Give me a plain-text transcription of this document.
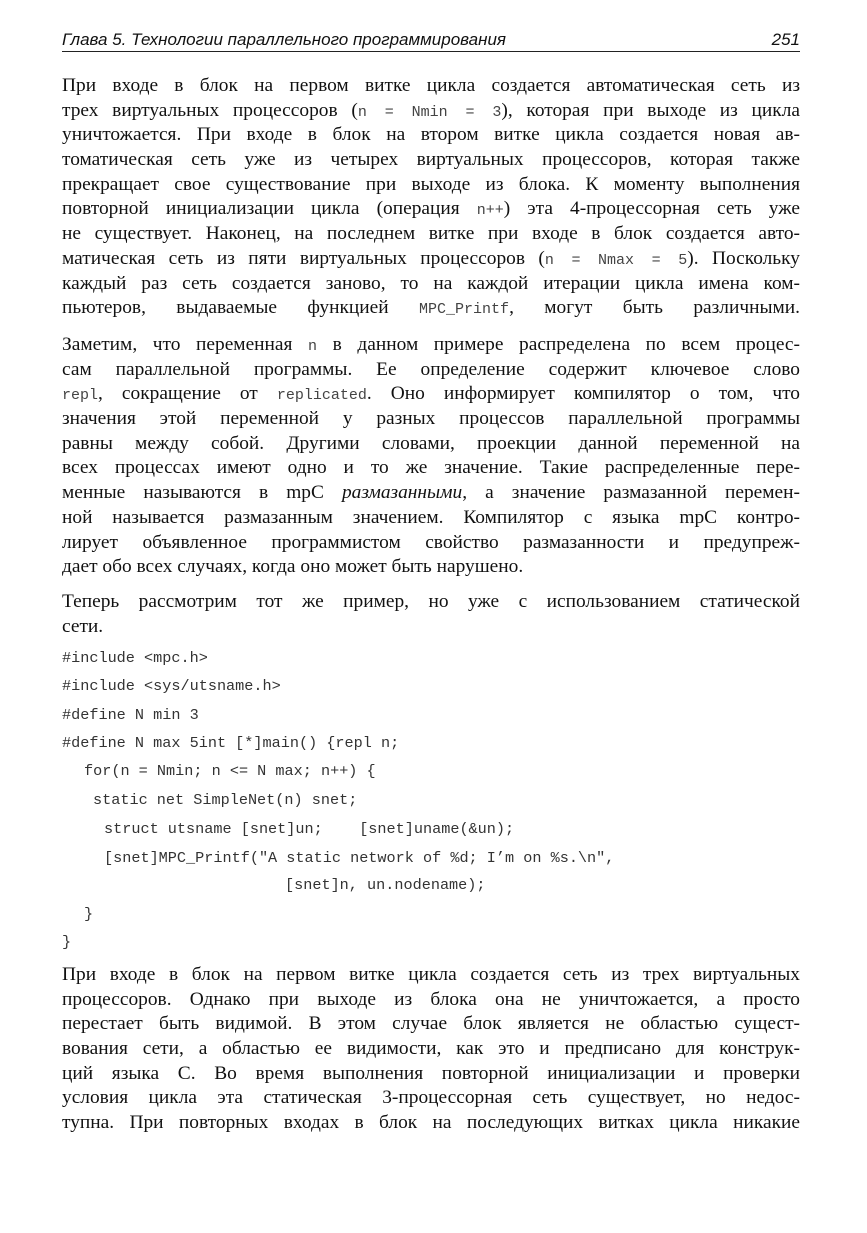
Глава 5. Технологии параллельного программирования	251
При входе в блок на первом витке цикла создается автоматическая сеть из
трех виртуальных процессоров (n = Nmin = 3), которая при выходе из цикла
уничтожается. При входе в блок на втором витке цикла создается новая ав-
томатическая сеть уже из четырех виртуальных процессоров, которая также
прекращает свое существование при выходе из блока. К моменту выполнения
повторной инициализации цикла (операция n++) эта 4-процессорная сеть уже
не существует. Наконец, на последнем витке при входе в блок создается авто-
матическая сеть из пяти виртуальных процессоров (n = Nmax = 5). Поскольку
каждый раз сеть создается заново, то на каждой итерации цикла имена ком-
пьютеров, выдаваемые функцией MPC_Printf, могут быть различными.
Заметим, что переменная n в данном примере распределена по всем процес-
сам параллельной программы. Ее определение содержит ключевое слово
repl, сокращение от replicated. Оно информирует компилятор о том, что
значения этой переменной у разных процессов параллельной программы
равны между собой. Другими словами, проекции данной переменной на
всех процессах имеют одно и то же значение. Такие распределенные пере-
менные называются в mpC размазанными, а значение размазанной перемен-
ной называется размазанным значением. Компилятор с языка mpC контро-
лирует объявленное программистом свойство размазанности и предупреж-
дает обо всех случаях, когда оно может быть нарушено.
Теперь рассмотрим тот же пример, но уже с использованием статической
сети.
#include <mpc.h>
#include <sys/utsname.h>
#define N min 3
#define N max 5int [*]main() {repl n;
for(n = Nmin; n <= N max; n++) {
static net SimpleNet(n) snet;
struct utsname [snet]un;    [snet]uname(&un);
[snet]MPC_Printf("A static network of %d; I’m on %s.\n",
[snet]n, un.nodename);
}
}
При входе в блок на первом витке цикла создается сеть из трех виртуальных
процессоров. Однако при выходе из блока она не уничтожается, а просто
перестает быть видимой. В этом случае блок является не областью сущест-
вования сети, а областью ее видимости, как это и предписано для конструк-
ций языка С. Во время выполнения повторной инициализации и проверки
условия цикла эта статическая 3-процессорная сеть существует, но недос-
тупна. При повторных входах в блок на последующих витках цикла никакие
